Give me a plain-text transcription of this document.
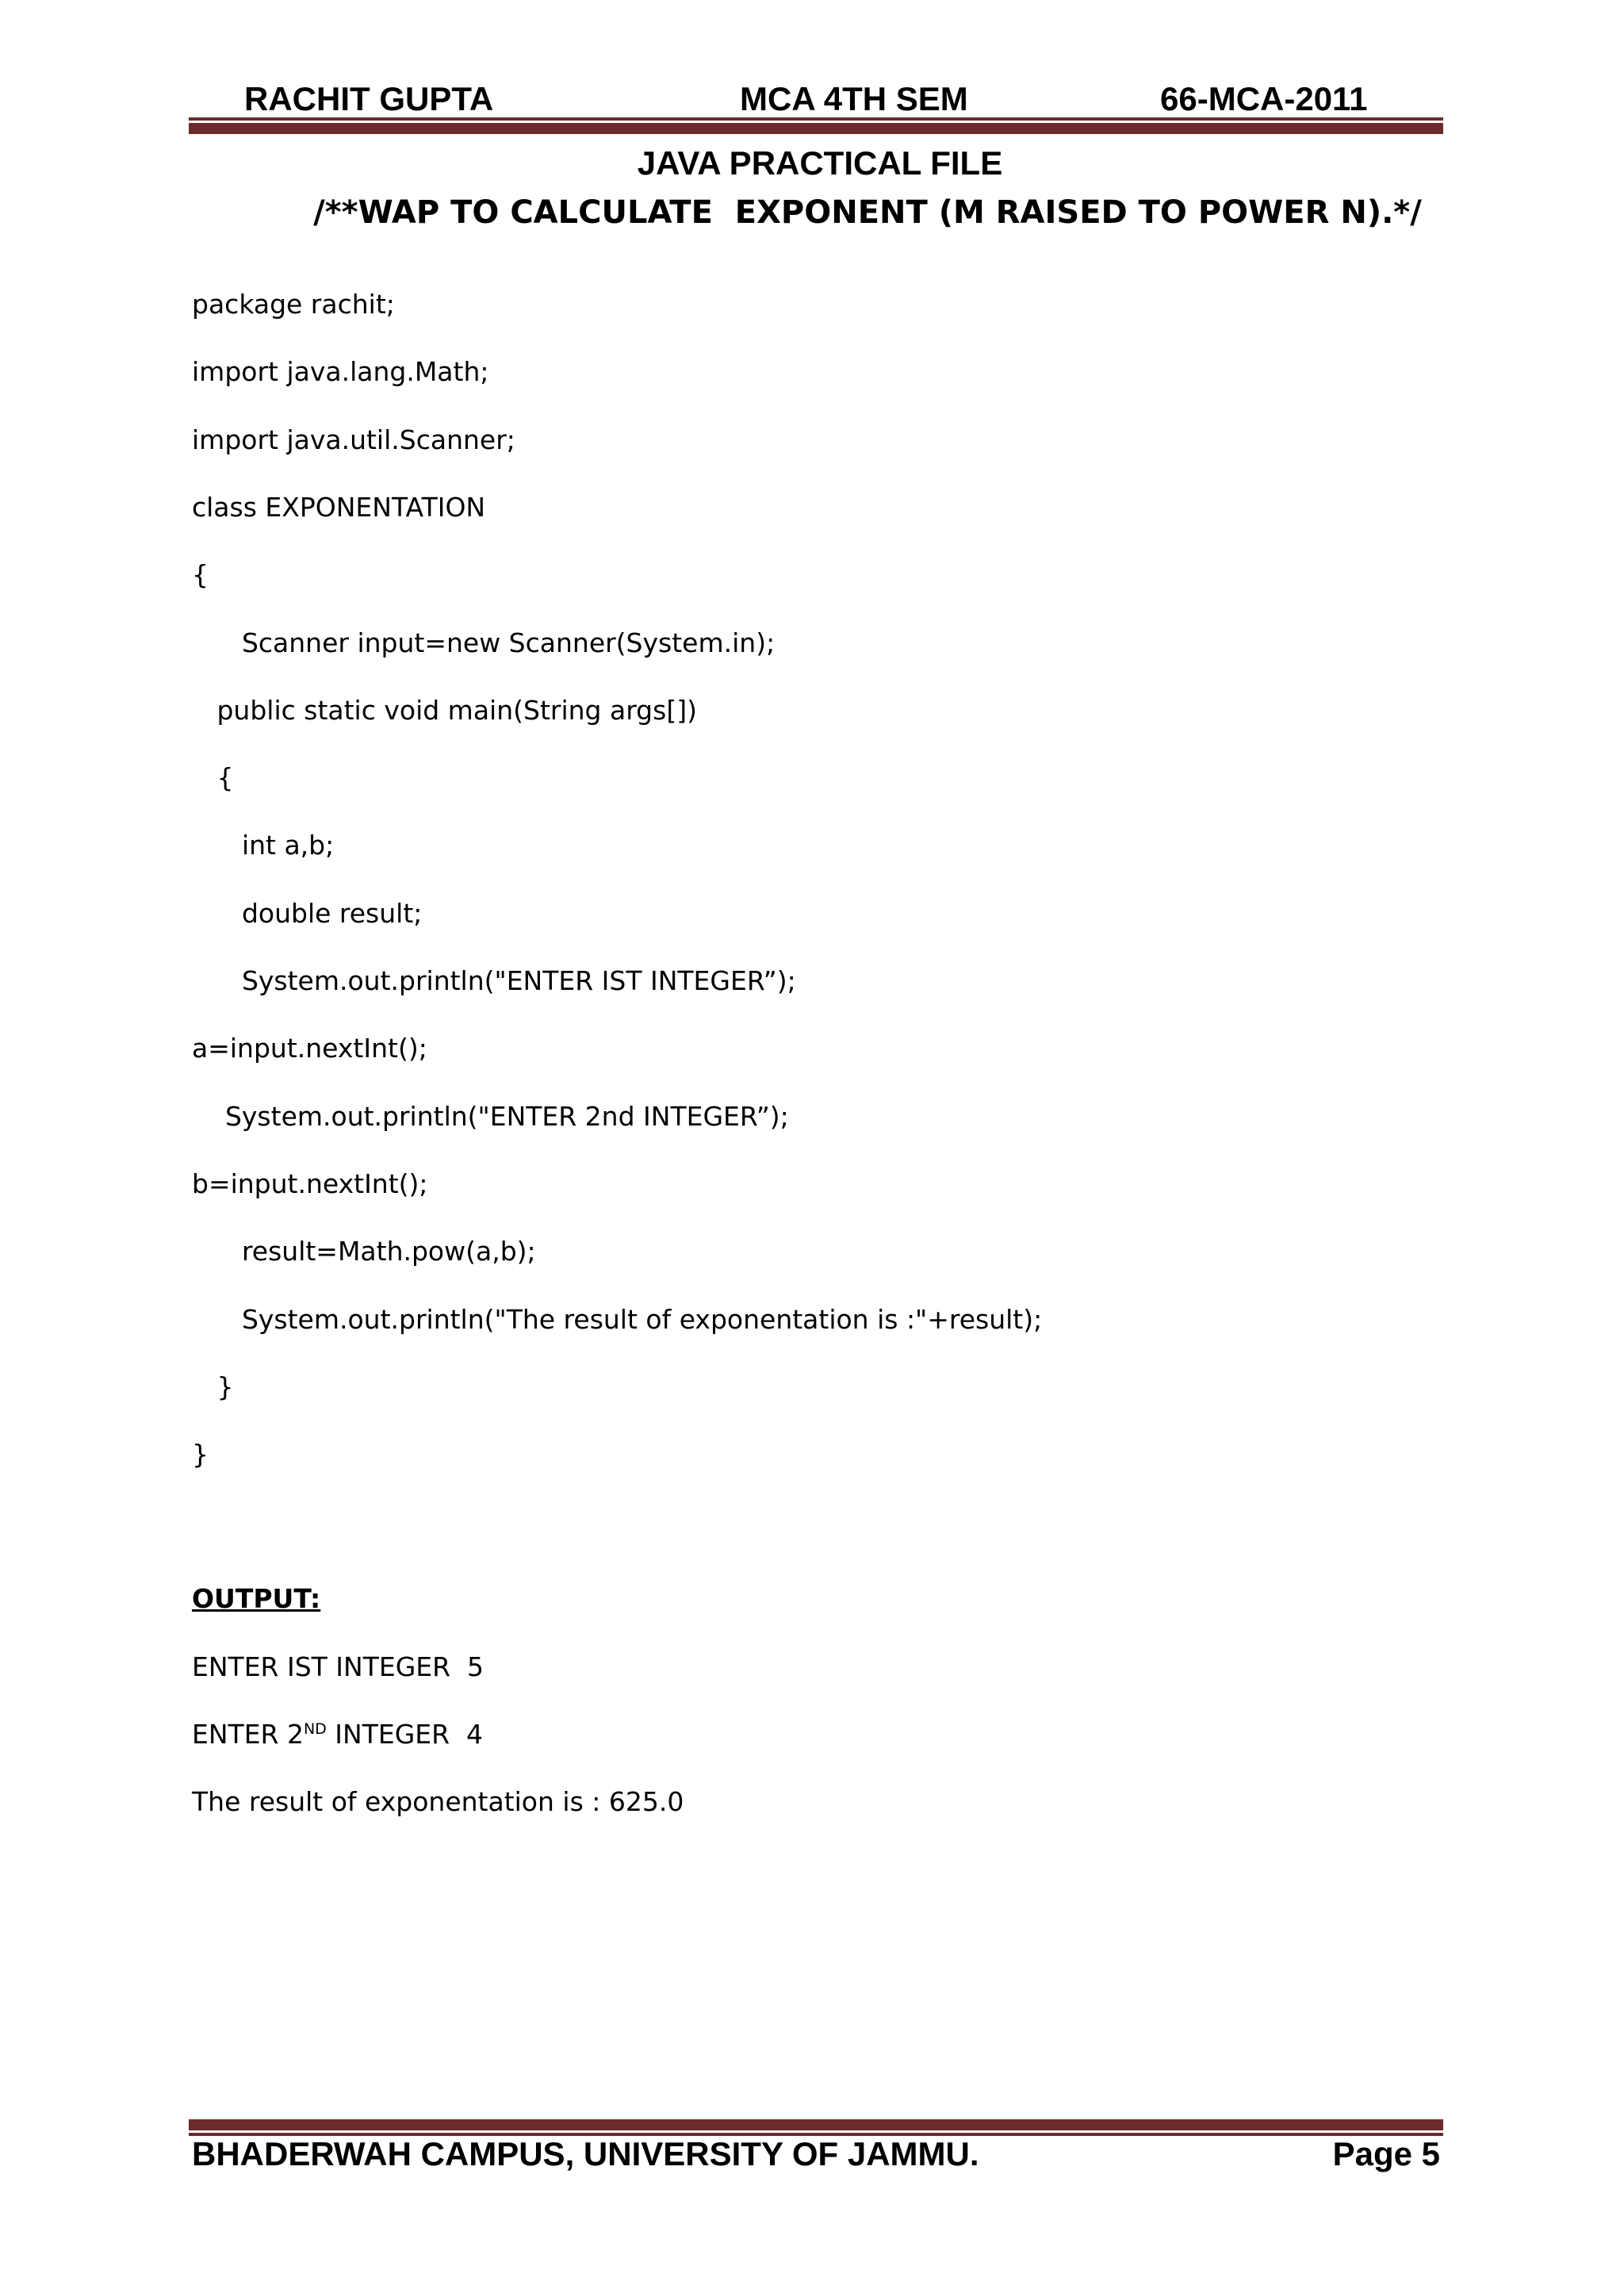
RACHIT GUPTA	MCA 4TH SEM	66-MCA-2011
JAVA PRACTICAL FILE
/**WAP TO CALCULATE  EXPONENT (M RAISED TO POWER N).*/
package rachit;
import java.lang.Math;
import java.util.Scanner;
class EXPONENTATION
{
Scanner input=new Scanner(System.in);
public static void main(String args[])
{
int a,b;
double result;
System.out.println("ENTER IST INTEGER”);
a=input.nextInt();
System.out.println("ENTER 2nd INTEGER”);
b=input.nextInt();
result=Math.pow(a,b);
System.out.println("The result of exponentation is :"+result);
}
}
OUTPUT:
ENTER IST INTEGER  5
ENTER 2ND INTEGER  4
The result of exponentation is : 625.0
BHADERWAH CAMPUS, UNIVERSITY OF JAMMU.	Page 5
